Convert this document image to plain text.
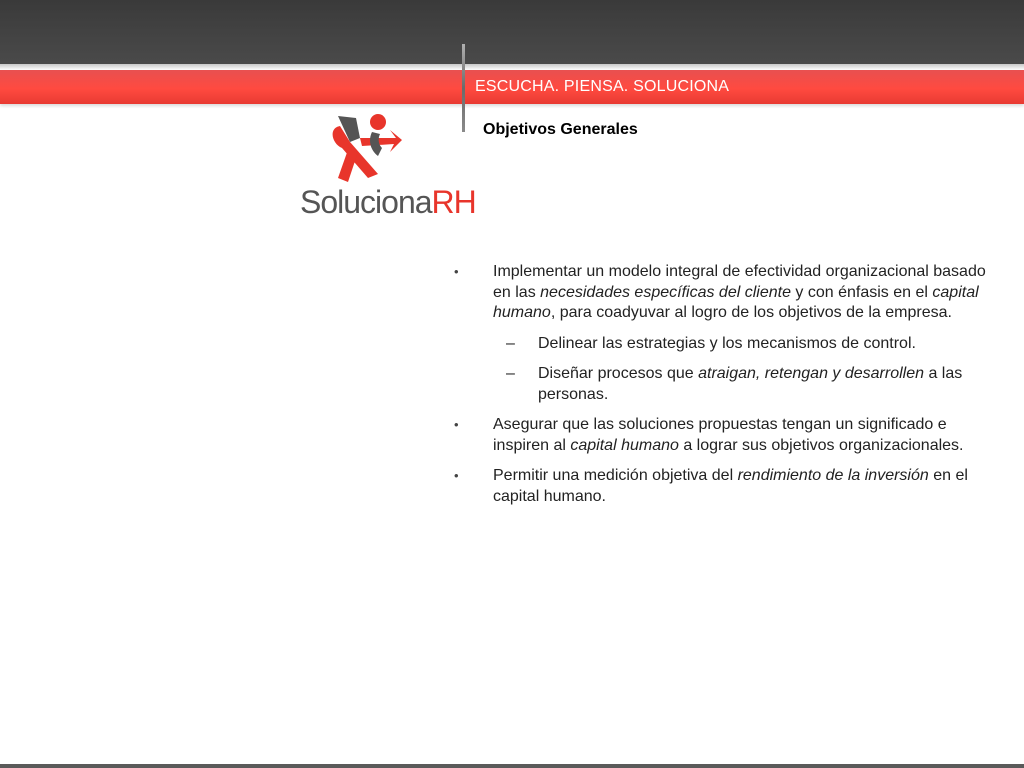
ESCUCHA. PIENSA. SOLUCIONA
Objetivos Generales
SolucionaRH
• Implementar un modelo integral de efectividad organizacional basado en las necesidades específicas del cliente y con énfasis en el capital humano, para coadyuvar al logro de los objetivos de la empresa.
– Delinear las estrategias y los mecanismos de control.
– Diseñar procesos que atraigan, retengan y desarrollen a las personas.
• Asegurar que las soluciones propuestas tengan un significado e inspiren al capital humano a lograr sus objetivos organizacionales.
• Permitir una medición objetiva del rendimiento de la inversión en el capital humano.
